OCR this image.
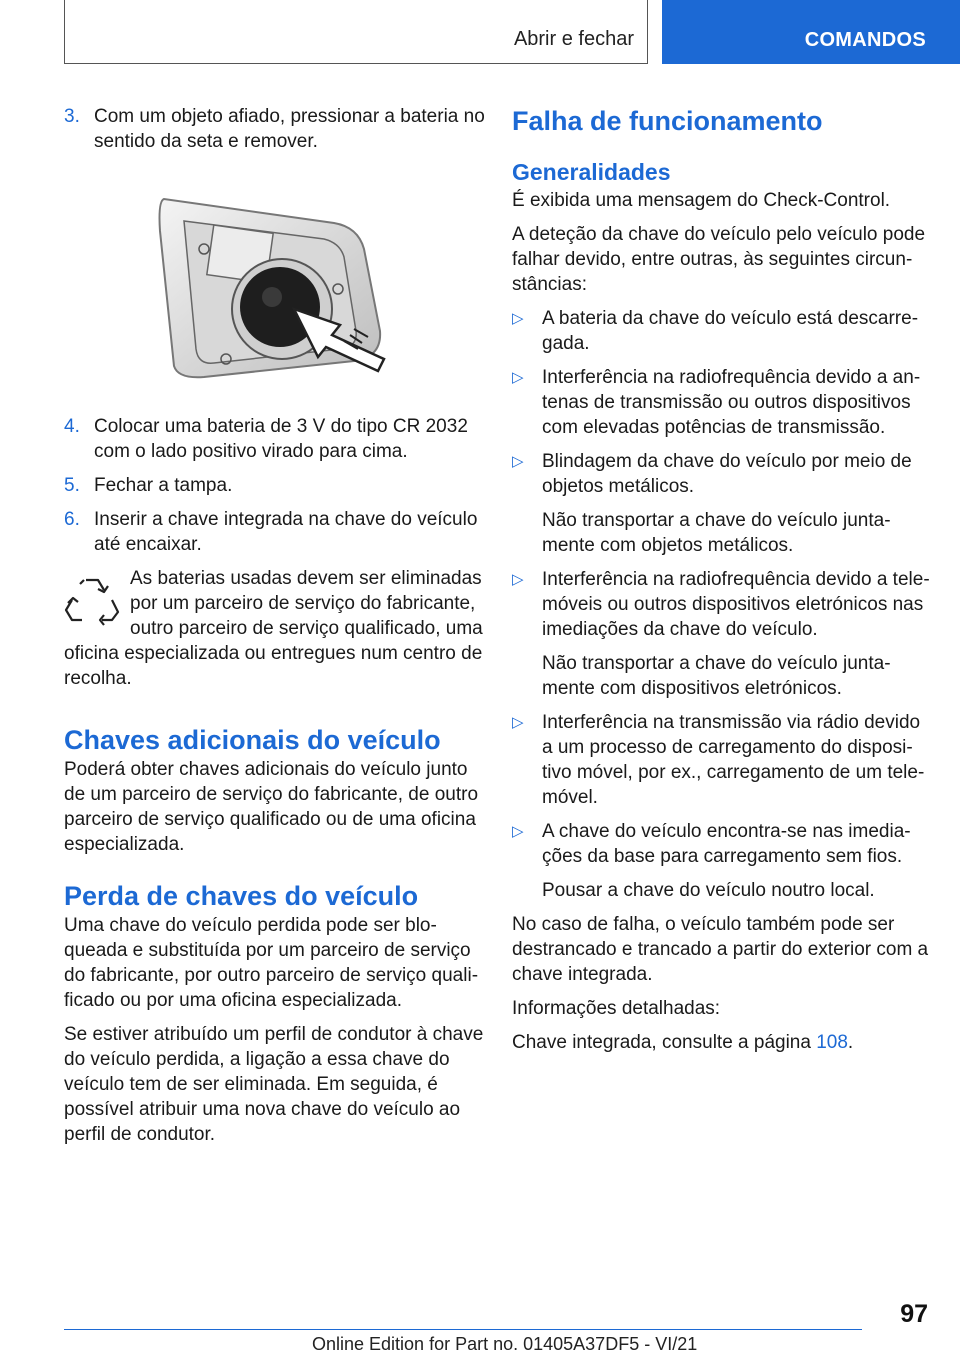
Abrir e fechar	COMANDOS
3. Com um objeto afiado, pressionar a bateria no sentido da seta e remover.
4. Colocar uma bateria de 3 V do tipo CR 2032 com o lado positivo virado para cima.
5. Fechar a tampa.
6. Inserir a chave integrada na chave do veículo até encaixar.

As baterias usadas devem ser eliminadas por um parceiro de serviço do fabricante, outro parceiro de serviço qualificado, uma oficina especializada ou entregues num centro de recolha.

Chaves adicionais do veículo

Poderá obter chaves adicionais do veículo junto de um parceiro de serviço do fabricante, de outro parceiro de serviço qualificado ou de uma oficina especializada.

Perda de chaves do veículo

Uma chave do veículo perdida pode ser bloqueada e substituída por um parceiro de serviço do fabricante, por outro parceiro de serviço qualificado ou por uma oficina especializada.

Se estiver atribuído um perfil de condutor à chave do veículo perdida, a ligação a essa chave do veículo tem de ser eliminada. Em seguida, é possível atribuir uma nova chave do veículo ao perfil de condutor.

Falha de funcionamento
Generalidades

É exibida uma mensagem do Check-Control.

A deteção da chave do veículo pelo veículo pode falhar devido, entre outras, às seguintes circunstâncias:

▷ A bateria da chave do veículo está descarregada.
▷ Interferência na radiofrequência devido a antenas de transmissão ou outros dispositivos com elevadas potências de transmissão.
▷ Blindagem da chave do veículo por meio de objetos metálicos.
Não transportar a chave do veículo juntamente com objetos metálicos.
▷ Interferência na radiofrequência devido a telemóveis ou outros dispositivos eletrónicos nas imediações da chave do veículo.
Não transportar a chave do veículo juntamente com dispositivos eletrónicos.
▷ Interferência na transmissão via rádio devido a um processo de carregamento do dispositivo móvel, por ex., carregamento de um telemóvel.
▷ A chave do veículo encontra-se nas imediações da base para carregamento sem fios.
Pousar a chave do veículo noutro local.

No caso de falha, o veículo também pode ser destrancado e trancado a partir do exterior com a chave integrada.

Informações detalhadas:

Chave integrada, consulte a página 108.

97
Online Edition for Part no. 01405A37DF5 - VI/21
